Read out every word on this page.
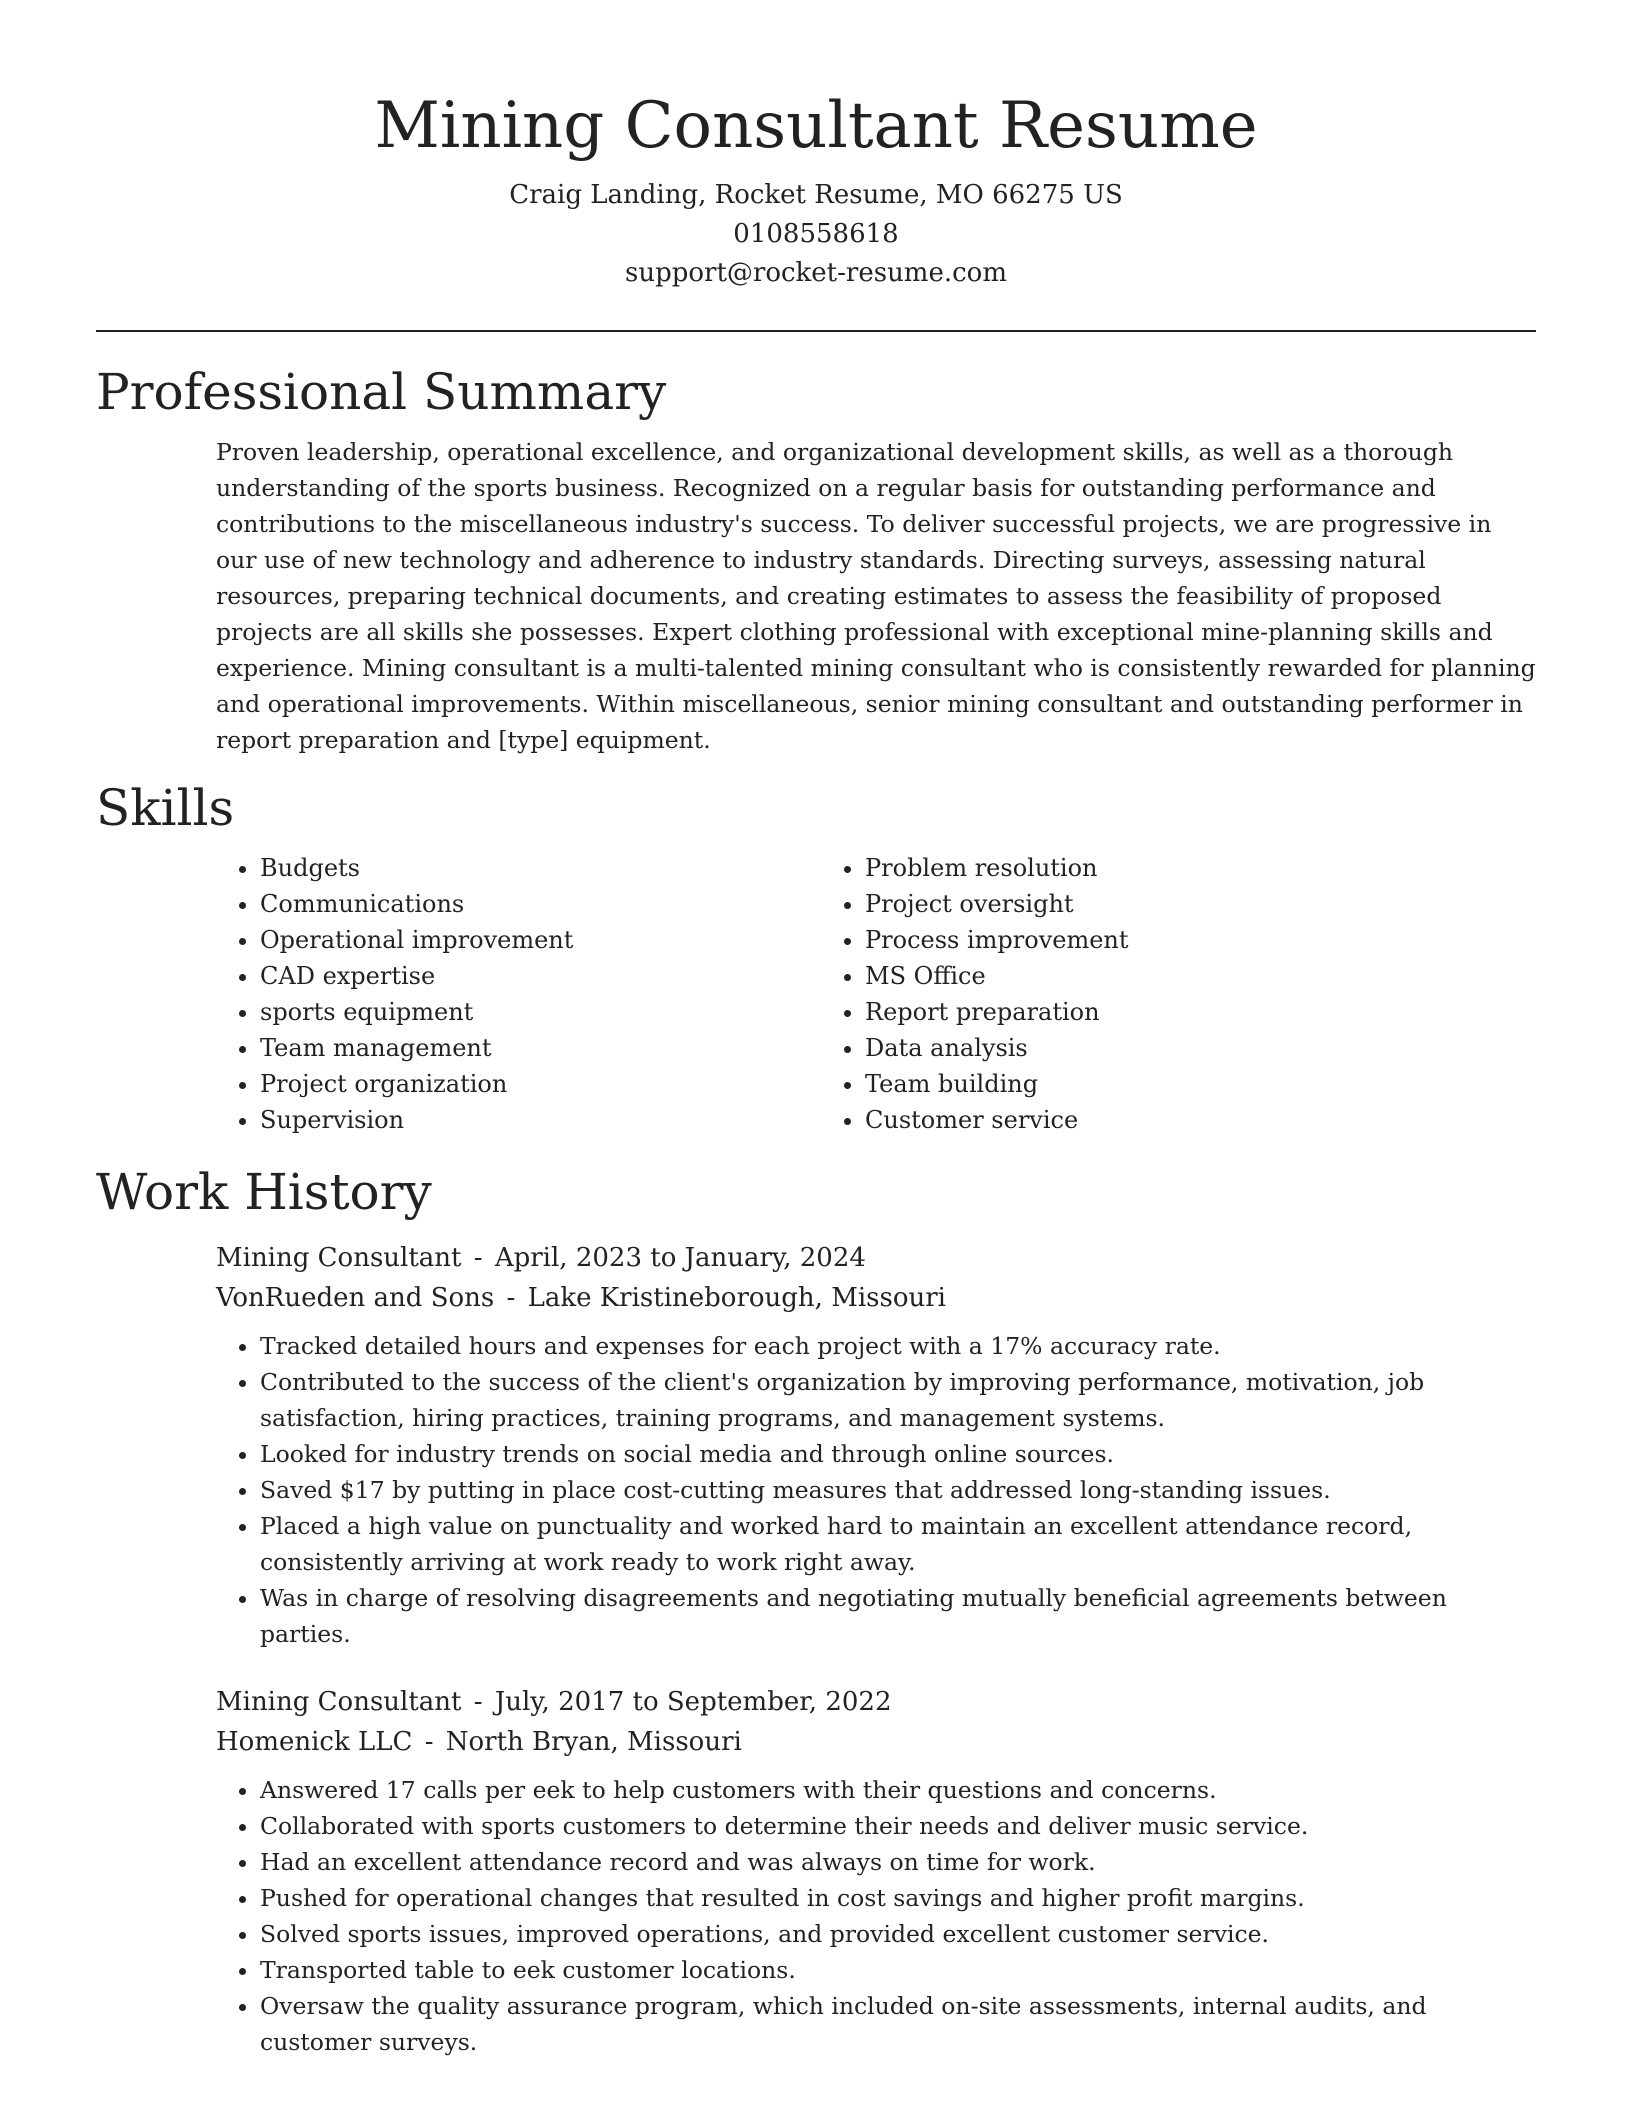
Mining Consultant Resume
Craig Landing, Rocket Resume, MO 66275 US
0108558618
support@rocket-resume.com
Professional Summary

Proven leadership, operational excellence, and organizational development skills, as well as a thorough understanding of the sports business. Recognized on a regular basis for outstanding performance and contributions to the miscellaneous industry's success. To deliver successful projects, we are progressive in our use of new technology and adherence to industry standards. Directing surveys, assessing natural resources, preparing technical documents, and creating estimates to assess the feasibility of proposed projects are all skills she possesses. Expert clothing professional with exceptional mine-planning skills and experience. Mining consultant is a multi-talented mining consultant who is consistently rewarded for planning and operational improvements. Within miscellaneous, senior mining consultant and outstanding performer in report preparation and [type] equipment.

Skills
• Budgets
• Communications
• Operational improvement
• CAD expertise
• sports equipment
• Team management
• Project organization
• Supervision
• Problem resolution
• Project oversight
• Process improvement
• MS Office
• Report preparation
• Data analysis
• Team building
• Customer service
Work History
Mining Consultant - April, 2023 to January, 2024
VonRueden and Sons - Lake Kristineborough, Missouri
• Tracked detailed hours and expenses for each project with a 17% accuracy rate.
• Contributed to the success of the client's organization by improving performance, motivation, job satisfaction, hiring practices, training programs, and management systems.
• Looked for industry trends on social media and through online sources.
• Saved $17 by putting in place cost-cutting measures that addressed long-standing issues.
• Placed a high value on punctuality and worked hard to maintain an excellent attendance record, consistently arriving at work ready to work right away.
• Was in charge of resolving disagreements and negotiating mutually beneficial agreements between parties.
Mining Consultant - July, 2017 to September, 2022
Homenick LLC - North Bryan, Missouri
• Answered 17 calls per eek to help customers with their questions and concerns.
• Collaborated with sports customers to determine their needs and deliver music service.
• Had an excellent attendance record and was always on time for work.
• Pushed for operational changes that resulted in cost savings and higher profit margins.
• Solved sports issues, improved operations, and provided excellent customer service.
• Transported table to eek customer locations.
• Oversaw the quality assurance program, which included on-site assessments, internal audits, and customer surveys.
